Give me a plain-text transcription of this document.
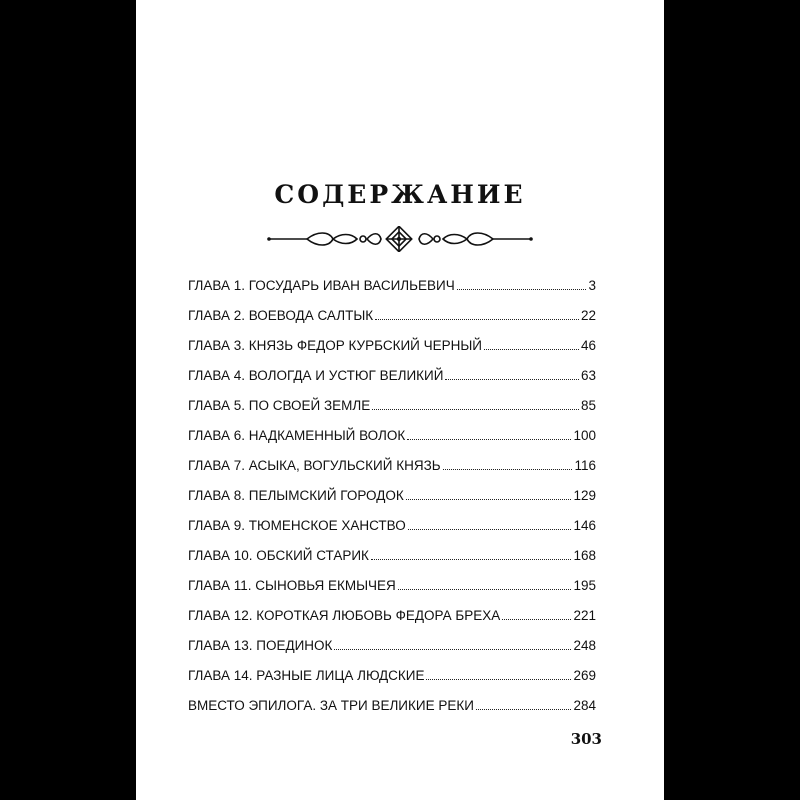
СОДЕРЖАНИЕ
ГЛАВА 1. ГОСУДАРЬ ИВАН ВАСИЛЬЕВИЧ	3
ГЛАВА 2. ВОЕВОДА САЛТЫК	22
ГЛАВА 3. КНЯЗЬ ФЕДОР КУРБСКИЙ ЧЕРНЫЙ	46
ГЛАВА 4. ВОЛОГДА И УСТЮГ ВЕЛИКИЙ	63
ГЛАВА 5. ПО СВОЕЙ ЗЕМЛЕ	85
ГЛАВА 6. НАДКАМЕННЫЙ ВОЛОК	100
ГЛАВА 7. АСЫКА, ВОГУЛЬСКИЙ КНЯЗЬ	116
ГЛАВА 8. ПЕЛЫМСКИЙ ГОРОДОК	129
ГЛАВА 9. ТЮМЕНСКОЕ ХАНСТВО	146
ГЛАВА 10. ОБСКИЙ СТАРИК	168
ГЛАВА 11. СЫНОВЬЯ ЕКМЫЧЕЯ	195
ГЛАВА 12. КОРОТКАЯ ЛЮБОВЬ ФЕДОРА БРЕХА	221
ГЛАВА 13. ПОЕДИНОК	248
ГЛАВА 14. РАЗНЫЕ ЛИЦА ЛЮДСКИЕ	269
ВМЕСТО ЭПИЛОГА. ЗА ТРИ ВЕЛИКИЕ РЕКИ	284
303
